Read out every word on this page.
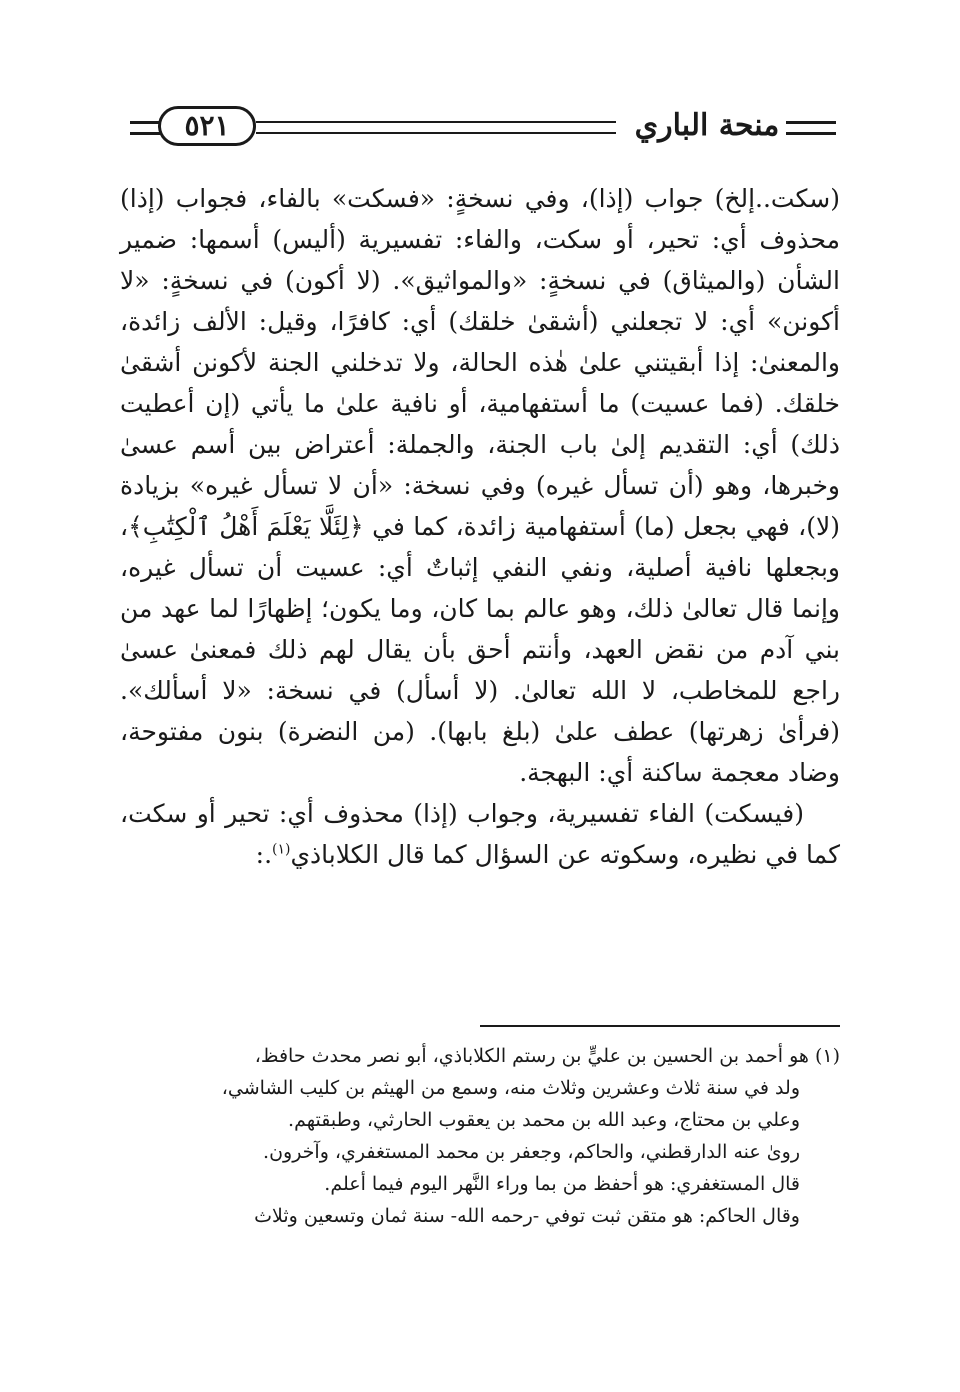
٥٢١	منحة الباري

(سكت..إلخ) جواب (إذا)، وفي نسخةٍ: «فسكت» بالفاء، فجواب (إذا) محذوف أي: تحير، أو سكت، والفاء: تفسيرية (أليس) أسمها: ضمير الشأن (والميثاق) في نسخةٍ: «والمواثيق». (لا أكون) في نسخةٍ: «لا أكونن» أي: لا تجعلني (أشقىٰ خلقك) أي: كافرًا، وقيل: الألف زائدة، والمعنىٰ: إذا أبقيتني علىٰ هٰذه الحالة، ولا تدخلني الجنة لأكونن أشقىٰ خلقك. (فما عسيت) ما أستفهامية، أو نافية علىٰ ما يأتي (إن أعطيت ذلك) أي: التقديم إلىٰ باب الجنة، والجملة: أعتراض بين أسم عسىٰ وخبرها، وهو (أن تسأل غيره) وفي نسخة: «أن لا تسأل غيره» بزيادة (لا)، فهي بجعل (ما) أستفهامية زائدة، كما في ﴿لِئَلَّا يَعْلَمَ أَهْلُ ٱلْكِتَٰبِ﴾، وبجعلها نافية أصلية، ونفي النفي إثباتٌ أي: عسيت أن تسأل غيره، وإنما قال تعالىٰ ذلك، وهو عالم بما كان، وما يكون؛ إظهارًا لما عهد من بني آدم من نقض العهد، وأنتم أحق بأن يقال لهم ذلك فمعنىٰ عسىٰ راجع للمخاطب، لا الله تعالىٰ. (لا أسأل) في نسخة: «لا أسألك». (فرأىٰ زهرتها) عطف علىٰ (بلغ بابها). (من النضرة) بنون مفتوحة، وضاد معجمة ساكنة أي: البهجة.

(فيسكت) الفاء تفسيرية، وجواب (إذا) محذوف أي: تحير أو سكت، كما في نظيره، وسكوته عن السؤال كما قال الكلاباذي$^{(١)}$.:

(١) هو أحمد بن الحسين بن عليٍّ بن رستم الكلاباذي، أبو نصر محدث حافظ،

ولد في سنة ثلاث وعشرين وثلاث منه، وسمع من الهيثم بن كليب الشاشي،

وعلي بن محتاج، وعبد الله بن محمد بن يعقوب الحارثي، وطبقتهم.

روىٰ عنه الدارقطني، والحاكم، وجعفر بن محمد المستغفري، وآخرون.

قال المستغفري: هو أحفظ من بما وراء النَّهر اليوم فيما أعلم.

وقال الحاكم: هو متقن ثبت توفي -رحمه الله- سنة ثمان وتسعين وثلاث
